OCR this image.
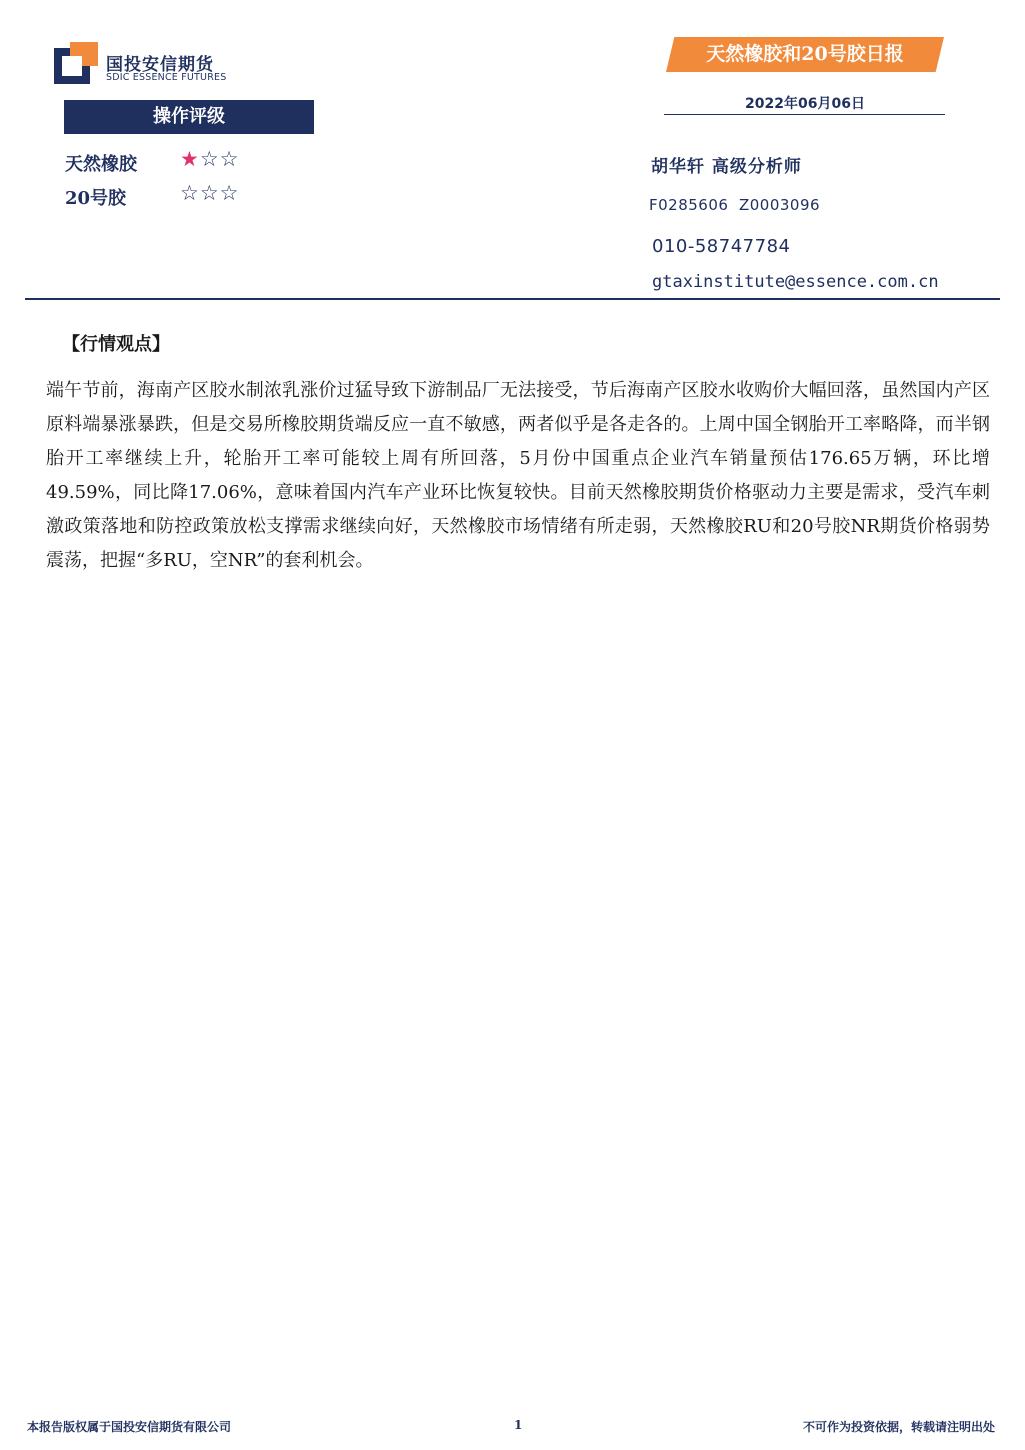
国投安信期货
SDIC ESSENCE FUTURES
天然橡胶和20号胶日报
2022年06月06日
操作评级
天然橡胶 ★☆☆
20号胶	☆☆☆
胡华轩 高级分析师
F0285606  Z0003096
010-58747784
gtaxinstitute@essence.com.cn
【行情观点】

端午节前，海南产区胶水制浓乳涨价过猛导致下游制品厂无法接受，节后海南产区胶水收购价大幅回落，虽然国内产区原料端暴涨暴跌，但是交易所橡胶期货端反应一直不敏感，两者似乎是各走各的。上周中国全钢胎开工率略降，而半钢胎开工率继续上升，轮胎开工率可能较上周有所回落，5月份中国重点企业汽车销量预估176.65万辆，环比增49.59%，同比降17.06%，意味着国内汽车产业环比恢复较快。目前天然橡胶期货价格驱动力主要是需求，受汽车刺激政策落地和防控政策放松支撑需求继续向好，天然橡胶市场情绪有所走弱，天然橡胶RU和20号胶NR期货价格弱势震荡，把握“多RU，空NR”的套利机会。

本报告版权属于国投安信期货有限公司	1	不可作为投资依据，转载请注明出处
